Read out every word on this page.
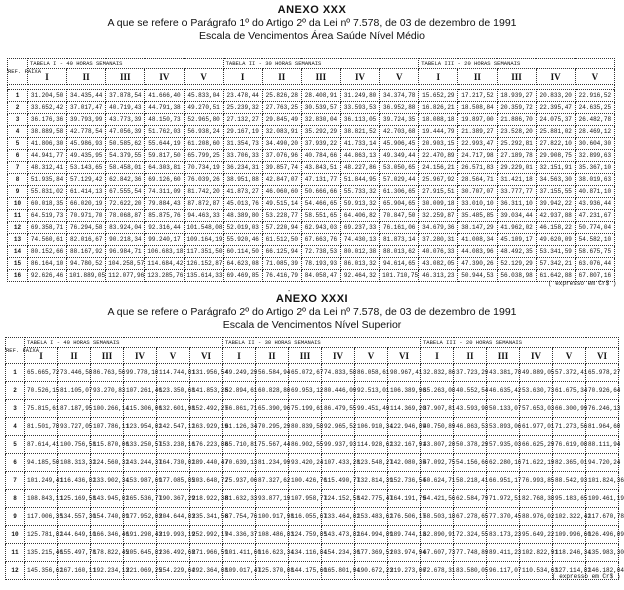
ANEXO XXX
A que se refere o Parágrafo 1º do Artigo 2º da Lei nº 7.578, de 03 de dezembro de 1991
Escala de Vencimentos Área Saúde Nível Médio
REF. FAIXA	TABELA I - 40 HORAS SEMANAIS					TABELA II - 30 HORAS SEMANAIS					TABELA III - 20 HORAS SEMANAIS				
	I	II	III	IV	V	I	II	III	IV	V	I	II	III	IV	V

1	31.204,50	34.435,44	37.878,54	41.666,40	45.833,04	23.478,44	25.826,28	28.408,91	31.249,80	34.374,78	15.652,29	17.217,52	18.939,27	20.833,20	22.916,52
2	33.652,42	37.017,47	40.719,43	44.791,38	49.270,51	25.239,32	27.763,25	30.539,57	33.593,53	36.952,88	16.826,21	18.508,84	20.359,72	22.395,47	24.635,25
3	36.176,36	39.793,99	43.773,39	48.150,73	52.965,80	27.132,27	29.845,49	32.830,04	36.113,05	39.724,35	18.088,18	19.897,00	21.886,70	24.075,37	26.482,78
4	38.889,58	42.778,54	47.056,39	51.762,03	56.938,24	29.167,19	32.083,91	35.292,29	38.821,52	42.703,68	19.444,79	21.389,27	23.528,20	25.881,02	28.469,12
5	41.806,30	45.986,93	50.585,62	55.644,19	61.208,60	31.354,73	34.490,20	37.939,22	41.733,14	45.906,45	20.903,15	22.993,47	25.292,81	27.822,10	30.604,30
6	44.941,77	49.435,95	54.379,55	59.817,50	65.799,25	33.706,33	37.076,96	40.784,66	44.863,13	49.349,44	22.470,89	24.717,98	27.189,78	29.908,75	32.899,63
7	48.312,41	53.143,65	58.458,01	64.303,81	70.734,19	36.234,31	39.857,74	43.843,51	48.227,86	53.050,65	24.156,21	26.571,83	29.229,01	32.151,91	35.367,10
8	51.935,84	57.129,42	62.842,36	69.126,60	76.039,26	38.951,88	42.847,07	47.131,77	51.844,95	57.029,44	25.967,92	28.564,71	31.421,18	34.563,30	38.019,63
9	55.831,02	61.414,13	67.555,54	74.311,09	81.742,20	41.873,27	46.060,60	50.666,66	55.733,32	61.306,65	27.915,51	30.707,07	33.777,77	37.155,55	40.871,10
10	60.018,35	66.020,19	72.622,20	79.884,43	87.872,87	45.013,76	49.515,14	54.466,65	59.913,32	65.904,65	30.009,18	33.010,10	36.311,10	39.942,22	43.936,44
11	64.519,73	70.971,70	78.068,87	85.875,76	94.463,33	48.389,80	53.228,77	58.551,65	64.406,82	70.847,50	32.259,87	35.485,85	39.034,44	42.937,88	47.231,67
12	69.358,71	76.294,58	83.924,04	92.316,44	101.548,08	52.019,03	57.220,94	62.943,03	69.237,33	76.161,06	34.679,36	38.147,29	41.962,02	46.158,22	50.774,04
13	74.560,61	82.016,67	90.218,34	99.240,17	109.164,19	55.920,46	61.512,50	67.663,76	74.430,13	81.873,14	37.280,31	41.008,34	45.109,17	49.620,09	54.582,10
14	80.152,66	88.167,92	96.984,71	106.683,18	117.351,50	60.114,50	66.125,94	72.738,53	80.012,38	88.013,62	40.076,33	44.083,96	48.492,35	53.341,59	58.675,75
15	86.164,10	94.780,52	104.258,57	114.684,42	126.152,87	64.623,08	71.085,39	78.193,93	86.013,32	94.614,65	43.082,05	47.390,26	52.129,29	57.342,21	63.076,44
16	92.626,46	101.889,05	112.077,96	123.285,76	135.614,33	69.469,85	76.416,79	84.058,47	92.464,32	101.710,75	46.313,23	50.944,53	56.038,98	61.642,88	67.807,16
( expresso em Cr$ )
-
ANEXO XXXI
A que se refere o Parágrafo 2º do Artigo 2º da Lei nº 7.578, de 03 de dezembro de 1991
Escala de Vencimentos Nível Superior
REF. FAIXA	TABELA I - 40 HORAS SEMANAIS						TABELA II - 30 HORAS SEMANAIS						TABELA III - 20 HORAS SEMANAIS					
	I	II	III	IV	V	VI	I	II	III	IV	V	VI	I	II	III	IV	V	VI
1	65.665,72	73.446,58	86.763,56	99.778,10	114.744,81	131.956,54	49.249,29	56.584,94	65.072,67	74.833,58	86.058,61	98.967,41	32.832,86	37.723,29	43.381,78	49.889,05	57.372,41	65.978,27
2	70.526,15	81.105,07	93.270,83	107.261,46	123.350,68	141.853,28	52.894,61	60.828,80	69.953,12	80.446,09	92.513,01	106.389,96	35.263,08	40.552,54	46.635,42	53.630,73	61.675,34	70.926,64
3	75.815,61	87.187,95	100.266,14	115.306,06	132.601,98	152.492,27	56.861,71	65.390,96	75.199,61	86.479,55	99.451,49	114.369,20	37.907,81	43.593,98	50.133,07	57.653,03	66.300,99	76.246,13
4	81.501,78	93.727,05	107.786,11	123.954,02	142.547,12	163.929,19	61.126,34	70.295,29	80.839,58	92.965,52	106.910,34	122.946,89	40.750,89	46.863,53	53.893,06	61.977,01	71.273,56	81.964,60
5	87.614,41	100.756,58	115.870,06	133.250,57	153.238,16	176.223,88	65.710,81	75.567,44	86.902,55	99.937,93	114.928,62	132.167,91	43.807,20	50.378,29	57.935,03	66.625,29	76.619,08	88.111,94
6	94.185,50	108.313,32	124.560,32	143.244,37	164.730,02	189.440,47	70.639,13	81.234,99	93.420,24	107.433,28	123.548,27	142.080,35	47.092,75	54.156,66	62.280,16	71.622,19	82.365,01	94.720,24
7	101.249,41	116.436,82	133.902,34	153.987,69	177.085,85	203.648,72	75.937,06	87.327,62	100.426,76	115.490,77	132.814,39	152.736,54	50.624,71	58.218,41	66.951,17	76.993,85	88.542,93	101.824,36
8	108.843,11	125.169,58	143.945,02	165.536,77	190.367,29	218.922,38	81.632,33	93.877,19	107.958,77	124.152,58	142.775,47	164.191,79	54.421,56	62.584,79	71.972,51	82.768,38	95.183,65	109.461,19
9	117.006,35	134.557,30	154.740,89	177.952,03	204.644,83	235.341,56	87.754,76	100.917,98	116.055,67	133.464,02	153.483,62	176.506,17	58.503,18	67.278,65	77.370,45	88.976,02	102.322,42	117.670,78
10	125.781,82	144.649,10	166.346,46	191.298,43	219.993,19	252.992,17	94.336,37	108.486,83	124.759,85	143.473,82	164.994,89	189.744,13	62.890,91	72.324,55	83.173,23	95.649,22	109.996,60	126.496,09
11	135.215,46	155.497,78	178.822,45	205.645,81	236.492,68	271.966,59	101.411,60	116.623,34	134.116,84	154.234,36	177.369,51	203.974,94	67.607,73	77.748,89	89.411,23	102.822,91	118.246,34	135.983,30
12	145.356,62	167.160,11	192.234,13	221.069,25	254.229,64	292.364,08	109.017,47	125.370,08	144.175,60	165.801,94	190.672,23	219.273,06	72.678,31	83.580,05	96.117,07	110.534,63	127.114,82	146.182,04
( expresso em Cr$ )
